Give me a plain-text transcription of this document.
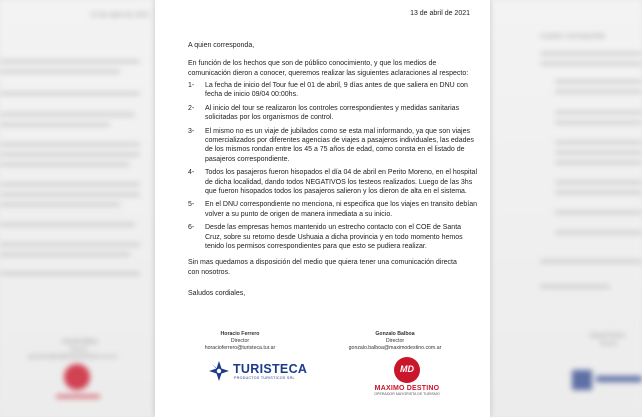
13 de abril de 2021
Gonzalo Balboa
Director
gonzalo.balboa@maximodestino.com.ar
A quien corresponda,
Horacio Ferrero
Director
13 de abril de 2021
A quien corresponda,

En función de los hechos que son de público conocimiento, y que los medios de comunicación dieron a conocer, queremos realizar las siguientes aclaraciones al respecto:

1- La fecha de inicio del Tour fue el 01 de abril, 9 días antes de que saliera en DNU con fecha de inicio 09/04 00:00hs.
2- Al inicio del tour se realizaron los controles correspondientes y medidas sanitarias solicitadas por los organismos de control.
3- El mismo no es un viaje de jubilados como se esta mal informando, ya que son viajes comercializados por diferentes agencias de viajes a pasajeros individuales, las edades de los mismos rondan entre los 45 a 75 años de edad, como consta en el listado de pasajeros correspondiente.
4- Todos los pasajeros fueron hisopados el día 04 de abril en Perito Moreno, en el hospital de dicha localidad, dando todos NEGATIVOS los testeos realizados. Luego de las 3hs que fueron hisopados todos los pasajeros salieron y los dieron de alta en el sistema.
5- En el DNU correspondiente no menciona, ni especifica que los viajes en transito debían volver a su punto de origen de manera inmediata a su inicio.
6- Desde las empresas hemos mantenido un estrecho contacto con el COE de Santa Cruz, sobre su retorno desde Ushuaia a dicha provincia y en todo momento hemos tenido los permisos correspondientes para que esto se pudiera realizar.

Sin mas quedamos a disposición del medio que quiera tener una comunicación directa con nosotros.

Saludos cordiales,
Horacio Ferrero
Director
horacioferrero@turisteca.tur.ar
Gonzalo Balboa
Director
gonzalo.balboa@maximodestino.com.ar
TURISTECA
PRODUCTOS TURISTICOS SRL
MD
MAXIMO DESTINO
OPERADOR MAYORISTA DE TURISMO
